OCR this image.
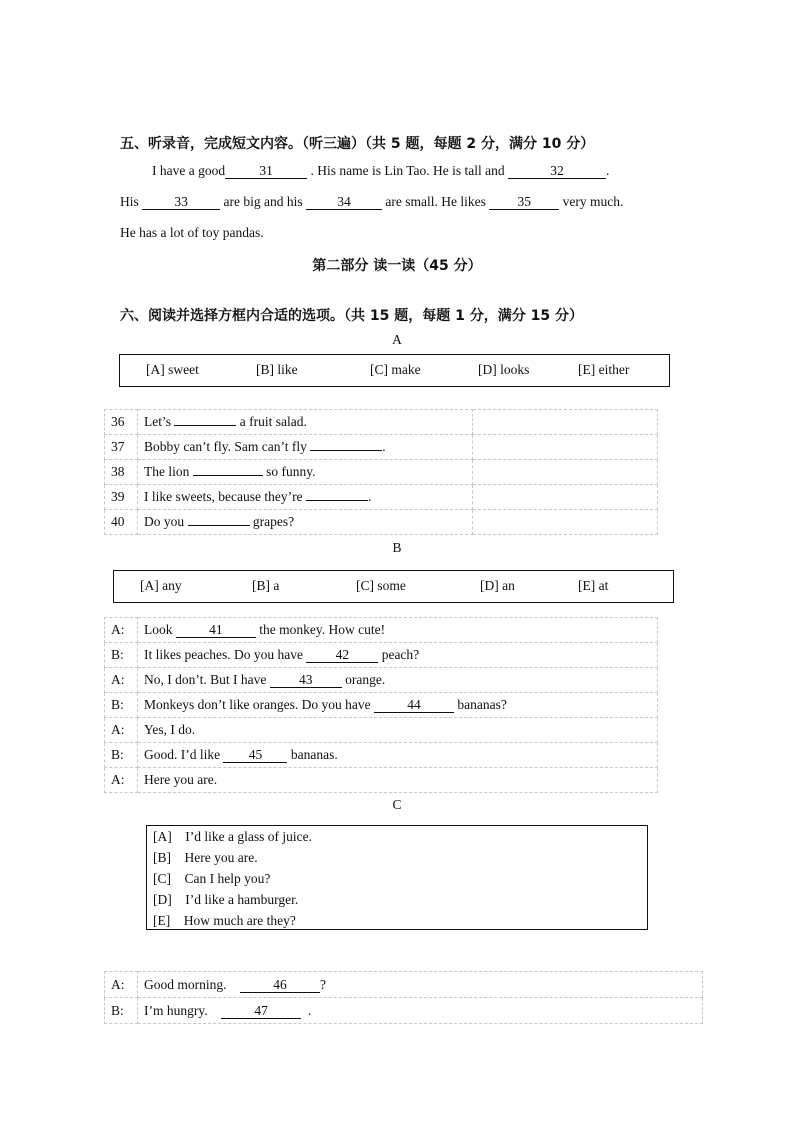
五、听录音，完成短文内容。（听三遍）（共 5 题，每题 2 分，满分 10 分）
I have a good	31	. His name is Lin Tao. He is tall and	32	.
His	33	are big and his	34	are small. He likes 35 very much.
He has a lot of toy pandas.
第二部分 读一读（45 分）
六、阅读并选择方框内合适的选项。（共 15 题，每题 1 分，满分 15 分）
A
[A] sweet	[B] like	[C] make	[D] looks	[E] either
36	Let’s a fruit salad.	
37	Bobby can’t fly. Sam can’t fly .	
38	The lion so funny.	
39	I like sweets, because they’re .	
40	Do you grapes?	
B
[A] any	[B] a	[C] some	[D] an	[E] at
A:	Look 41 the monkey. How cute!
B:	It likes peaches. Do you have 42 peach?
A:	No, I don’t. But I have 43 orange.
B:	Monkeys don’t like oranges. Do you have 44 bananas?
A:	Yes, I do.
B:	Good. I’d like 45 bananas.
A:	Here you are.
C
[A] I’d like a glass of juice.
[B] Here you are.
[C] Can I help you?
[D] I’d like a hamburger.
[E] How much are they?
A:	Good morning. 46 ?
B:	I’m hungry. 47 .
